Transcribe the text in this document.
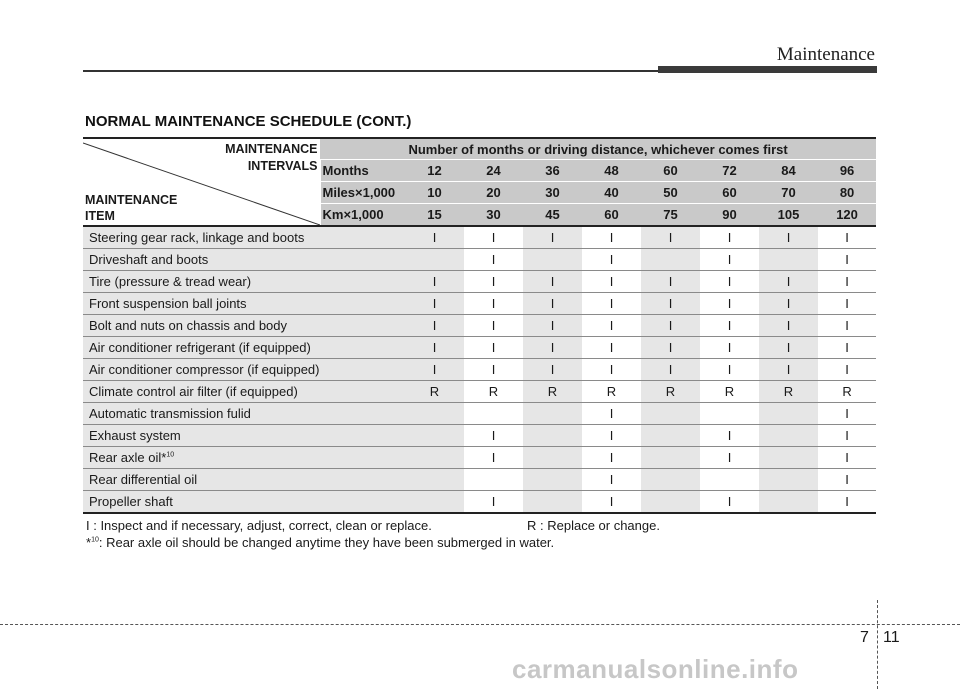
Maintenance
NORMAL MAINTENANCE SCHEDULE (CONT.)
MAINTENANCE
INTERVALS
MAINTENANCE
ITEM	Number of months or driving distance, whichever comes first								
	Months	12	24	36	48	60	72	84	96
	Miles×1,000	10	20	30	40	50	60	70	80
	Km×1,000	15	30	45	60	75	90	105	120
Steering gear rack, linkage and boots		I	I	I	I	I	I	I	I
Driveshaft and boots			I		I		I		I
Tire (pressure & tread wear)		I	I	I	I	I	I	I	I
Front suspension ball joints		I	I	I	I	I	I	I	I
Bolt and nuts on chassis and body		I	I	I	I	I	I	I	I
Air conditioner refrigerant (if equipped)		I	I	I	I	I	I	I	I
Air conditioner compressor (if equipped)		I	I	I	I	I	I	I	I
Climate control air filter (if equipped)		R	R	R	R	R	R	R	R
Automatic transmission fulid					I				I
Exhaust system			I		I		I		I
Rear axle oil*$^{10}$			I		I		I		I
Rear differential oil					I				I
Propeller shaft			I		I		I		I
I : Inspect and if necessary, adjust, correct, clean or replace.	R : Replace or change.
*$^{10}$: Rear axle oil should be changed anytime they have been submerged in water.
7 11
carmanualsonline.info
